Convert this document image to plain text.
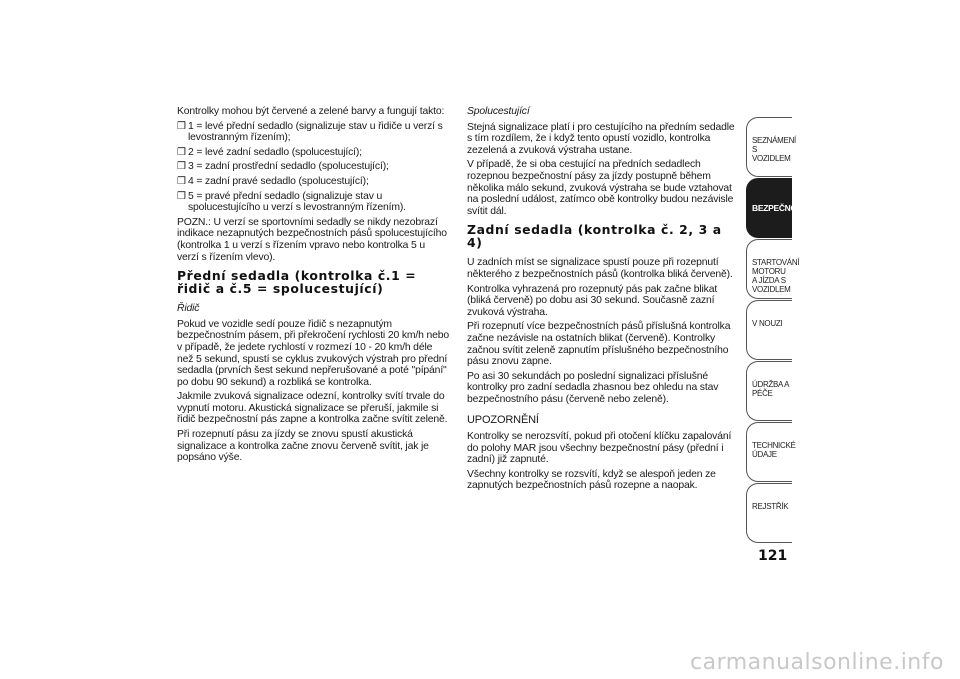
Kontrolky mohou být červené a zelené barvy a fungují takto:

❒ 1 = levé přední sedadlo (signalizuje stav u řidiče u verzí s levostranným řízením);
❒ 2 = levé zadní sedadlo (spolucestující);
❒ 3 = zadní prostřední sedadlo (spolucestující);
❒ 4 = zadní pravé sedadlo (spolucestující);
❒ 5 = pravé přední sedadlo (signalizuje stav u spolucestujícího u verzí s levostranným řízením).

POZN.: U verzí se sportovními sedadly se nikdy nezobrazí indikace nezapnutých bezpečnostních pásů spolucestujícího (kontrolka 1 u verzí s řízením vpravo nebo kontrolka 5 u verzí s řízením vlevo).

Přední sedadla (kontrolka č.1 = řidič a č.5 = spolucestující)
Řidič

Pokud ve vozidle sedí pouze řidič s nezapnutým bezpečnostním pásem, při překročení rychlosti 20 km/h nebo v případě, že jedete rychlostí v rozmezí 10 - 20 km/h déle než 5 sekund, spustí se cyklus zvukových výstrah pro přední sedadla (prvních šest sekund nepřerušované a poté "pípání" po dobu 90 sekund) a rozbliká se kontrolka.

Jakmile zvuková signalizace odezní, kontrolky svítí trvale do vypnutí motoru. Akustická signalizace se přeruší, jakmile si řidič bezpečnostní pás zapne a kontrolka začne svítit zeleně.

Při rozepnutí pásu za jízdy se znovu spustí akustická signalizace a kontrolka začne znovu červeně svítit, jak je popsáno výše.

Spolucestující

Stejná signalizace platí i pro cestujícího na předním sedadle s tím rozdílem, že i když tento opustí vozidlo, kontrolka zezelená a zvuková výstraha ustane.

V případě, že si oba cestující na předních sedadlech rozepnou bezpečnostní pásy za jízdy postupně během několika málo sekund, zvuková výstraha se bude vztahovat na poslední událost, zatímco obě kontrolky budou nezávisle svítit dál.

Zadní sedadla (kontrolka č. 2, 3 a 4)

U zadních míst se signalizace spustí pouze při rozepnutí některého z bezpečnostních pásů (kontrolka bliká červeně).

Kontrolka vyhrazená pro rozepnutý pás pak začne blikat (bliká červeně) po dobu asi 30 sekund. Současně zazní zvuková výstraha.

Při rozepnutí více bezpečnostních pásů příslušná kontrolka začne nezávisle na ostatních blikat (červeně). Kontrolky začnou svítit zeleně zapnutím příslušného bezpečnostního pásu znovu zapne.

Po asi 30 sekundách po poslední signalizaci příslušné kontrolky pro zadní sedadla zhasnou bez ohledu na stav bezpečnostního pásu (červeně nebo zeleně).

UPOZORNĚNÍ

Kontrolky se nerozsvítí, pokud při otočení klíčku zapalování do polohy MAR jsou všechny bezpečnostní pásy (přední i zadní) již zapnuté.

Všechny kontrolky se rozsvítí, když se alespoň jeden ze zapnutých bezpečnostních pásů rozepne a naopak.

SEZNÁMENÍ S VOZIDLEM
BEZPEČNOST
STARTOVÁNÍ MOTORU A JÍZDA S VOZIDLEM
V NOUZI
ÚDRŽBA A PÉČE
TECHNICKÉ ÚDAJE
REJSTŘÍK
121
carmanualsonline.info
